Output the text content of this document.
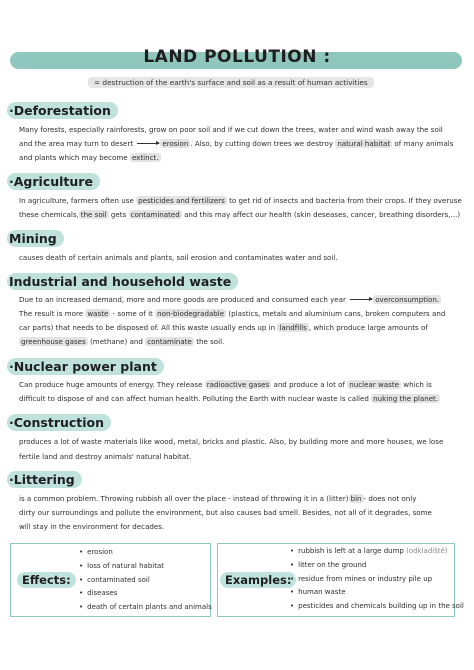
LAND POLLUTION :
= destruction of the earth's surface and soil as a result of human activities
·Deforestation
Many forests, especially rainforests, grow on poor soil and if we cut down the trees, water and wind wash away the soil
and the area may turn to desert	erosion . Also, by cutting down trees we destroy natural habitat of many animals
and plants which may become extinct.
·Agriculture
In agriculture, farmers often use pesticides and fertilizers to get rid of insects and bacteria from their crops. If they overuse
these chemicals, the soil gets contaminated and this may affect our health (skin deseases, cancer, breathing disorders,...)
Mining
causes death of certain animals and plants, soil erosion and contaminates water and soil.
Industrial and household waste
Due to an increased demand, more and more goods are produced and consumed each year	overconsumption.
The result is more waste - some of it non-biodegradable (plastics, metals and aluminium cans, broken computers and
car parts) that needs to be disposed of. All this waste usually ends up in landfills , which produce large amounts of
greenhouse gases (methane) and contaminate the soil.
·Nuclear power plant
Can produce huge amounts of energy. They release radioactive gases and produce a lot of nuclear waste which is
difficult to dispose of and can affect human health. Polluting the Earth with nuclear waste is called nuking the planet.
·Construction
produces a lot of waste materials like wood, metal, bricks and plastic. Also, by building more and more houses, we lose
fertile land and destroy animals' natural habitat.
·Littering
is a common problem. Throwing rubbish all over the place - instead of throwing it in a (litter) bin - does not only
dirty our surroundings and pollute the environment, but also causes bad smell. Besides, not all of it degrades, some
will stay in the environment for decades.
Effects:
• erosion
• loss of natural habitat
• contaminated soil
• diseases
• death of certain plants and animals
Examples:
• rubbish is left at a large dump (odkladiště)
• litter on the ground
• residue from mines or industry pile up
• human waste
• pesticides and chemicals building up in the soil
